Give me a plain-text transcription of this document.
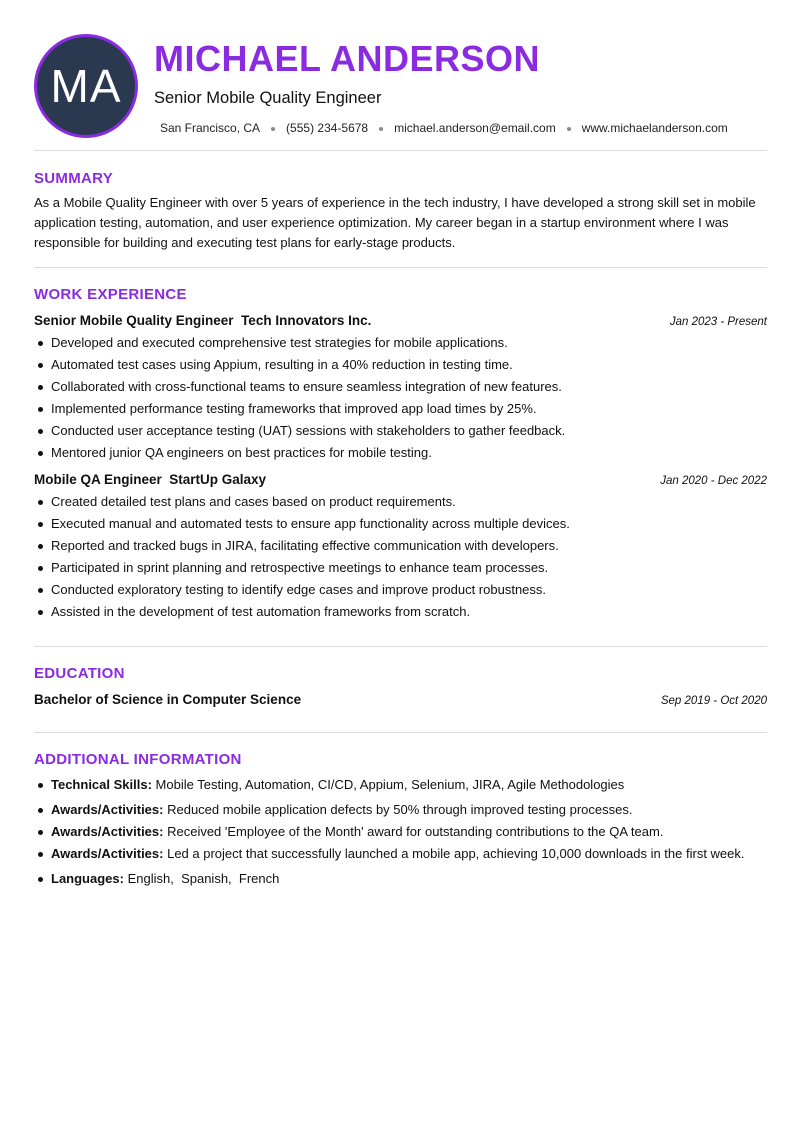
MA
MICHAEL ANDERSON
Senior Mobile Quality Engineer
San Francisco, CA (555) 234-5678 michael.anderson@email.com www.michaelanderson.com
SUMMARY

As a Mobile Quality Engineer with over 5 years of experience in the tech industry, I have developed a strong skill set in mobile application testing, automation, and user experience optimization. My career began in a startup environment where I was responsible for building and executing test plans for early-stage products.

WORK EXPERIENCE
Senior Mobile Quality Engineer Tech Innovators Inc.	Jan 2023 - Present
Developed and executed comprehensive test strategies for mobile applications.
Automated test cases using Appium, resulting in a 40% reduction in testing time.
Collaborated with cross-functional teams to ensure seamless integration of new features.
Implemented performance testing frameworks that improved app load times by 25%.
Conducted user acceptance testing (UAT) sessions with stakeholders to gather feedback.
Mentored junior QA engineers on best practices for mobile testing.
Mobile QA Engineer StartUp Galaxy	Jan 2020 - Dec 2022
Created detailed test plans and cases based on product requirements.
Executed manual and automated tests to ensure app functionality across multiple devices.
Reported and tracked bugs in JIRA, facilitating effective communication with developers.
Participated in sprint planning and retrospective meetings to enhance team processes.
Conducted exploratory testing to identify edge cases and improve product robustness.
Assisted in the development of test automation frameworks from scratch.
EDUCATION
Bachelor of Science in Computer Science	Sep 2019 - Oct 2020
ADDITIONAL INFORMATION
Technical Skills: Mobile Testing, Automation, CI/CD, Appium, Selenium, JIRA, Agile Methodologies
Awards/Activities: Reduced mobile application defects by 50% through improved testing processes.
Awards/Activities: Received 'Employee of the Month' award for outstanding contributions to the QA team.
Awards/Activities: Led a project that successfully launched a mobile app, achieving 10,000 downloads in the first week.
Languages: English,  Spanish,  French
